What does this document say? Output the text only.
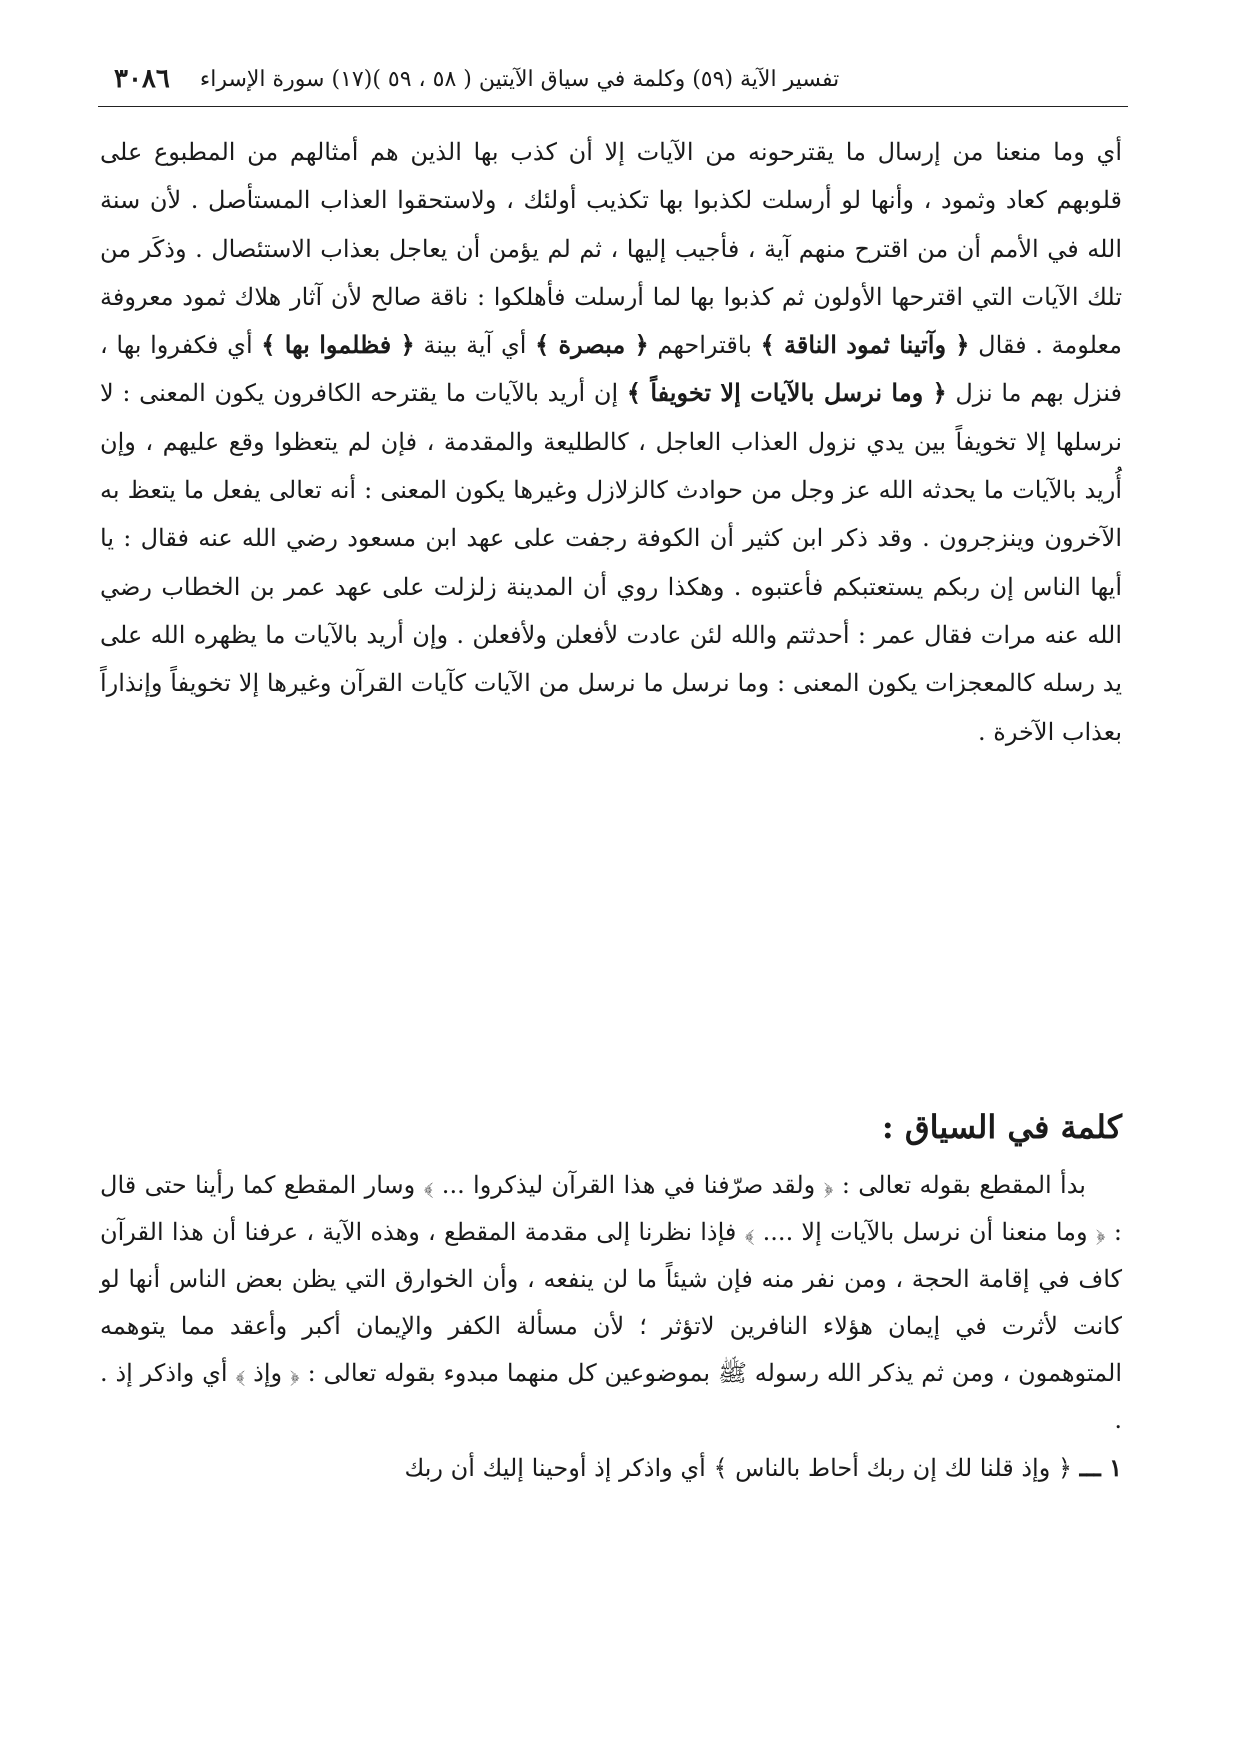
٣٠٨٦ (١٧) سورة الإسراء تفسير الآية (٥٩) وكلمة في سياق الآيتين ( ٥٨ ، ٥٩ )

أي وما منعنا من إرسال ما يقترحونه من الآيات إلا أن كذب بها الذين هم أمثالهم من المطبوع على قلوبهم كعاد وثمود ، وأنها لو أرسلت لكذبوا بها تكذيب أولئك ، ولاستحقوا العذاب المستأصل . لأن سنة الله في الأمم أن من اقترح منهم آية ، فأجيب إليها ، ثم لم يؤمن أن يعاجل بعذاب الاستئصال . وذكَر من تلك الآيات التي اقترحها الأولون ثم كذبوا بها لما أرسلت فأهلكوا : ناقة صالح لأن آثار هلاك ثمود معروفة معلومة . فقال ﴿ وآتينا ثمود الناقة ﴾ باقتراحهم ﴿ مبصرة ﴾ أي آية بينة ﴿ فظلموا بها ﴾ أي فكفروا بها ، فنزل بهم ما نزل ﴿ وما نرسل بالآيات إلا تخويفاً ﴾ إن أريد بالآيات ما يقترحه الكافرون يكون المعنى : لا نرسلها إلا تخويفاً بين يدي نزول العذاب العاجل ، كالطليعة والمقدمة ، فإن لم يتعظوا وقع عليهم ، وإن أُريد بالآيات ما يحدثه الله عز وجل من حوادث كالزلازل وغيرها يكون المعنى : أنه تعالى يفعل ما يتعظ به الآخرون وينزجرون . وقد ذكر ابن كثير أن الكوفة رجفت على عهد ابن مسعود رضي الله عنه فقال : يا أيها الناس إن ربكم يستعتبكم فأعتبوه . وهكذا روي أن المدينة زلزلت على عهد عمر بن الخطاب رضي الله عنه مرات فقال عمر : أحدثتم والله لئن عادت لأفعلن ولأفعلن . وإن أريد بالآيات ما يظهره الله على يد رسله كالمعجزات يكون المعنى : وما نرسل ما نرسل من الآيات كآيات القرآن وغيرها إلا تخويفاً وإنذاراً بعذاب الآخرة .

كلمة في السياق :

بدأ المقطع بقوله تعالى : ﴿ ولقد صرّفنا في هذا القرآن ليذكروا ... ﴾ وسار المقطع كما رأينا حتى قال : ﴿ وما منعنا أن نرسل بالآيات إلا .... ﴾ فإذا نظرنا إلى مقدمة المقطع ، وهذه الآية ، عرفنا أن هذا القرآن كاف في إقامة الحجة ، ومن نفر منه فإن شيئاً ما لن ينفعه ، وأن الخوارق التي يظن بعض الناس أنها لو كانت لأثرت في إيمان هؤلاء النافرين لاتؤثر ؛ لأن مسألة الكفر والإيمان أكبر وأعقد مما يتوهمه المتوهمون ، ومن ثم يذكر الله رسوله ﷺ بموضوعين كل منهما مبدوء بقوله تعالى : ﴿ وإذ ﴾ أي واذكر إذ . .

١ ـــ ﴿ وإذ قلنا لك إن ربك أحاط بالناس ﴾ أي واذكر إذ أوحينا إليك أن ربك
